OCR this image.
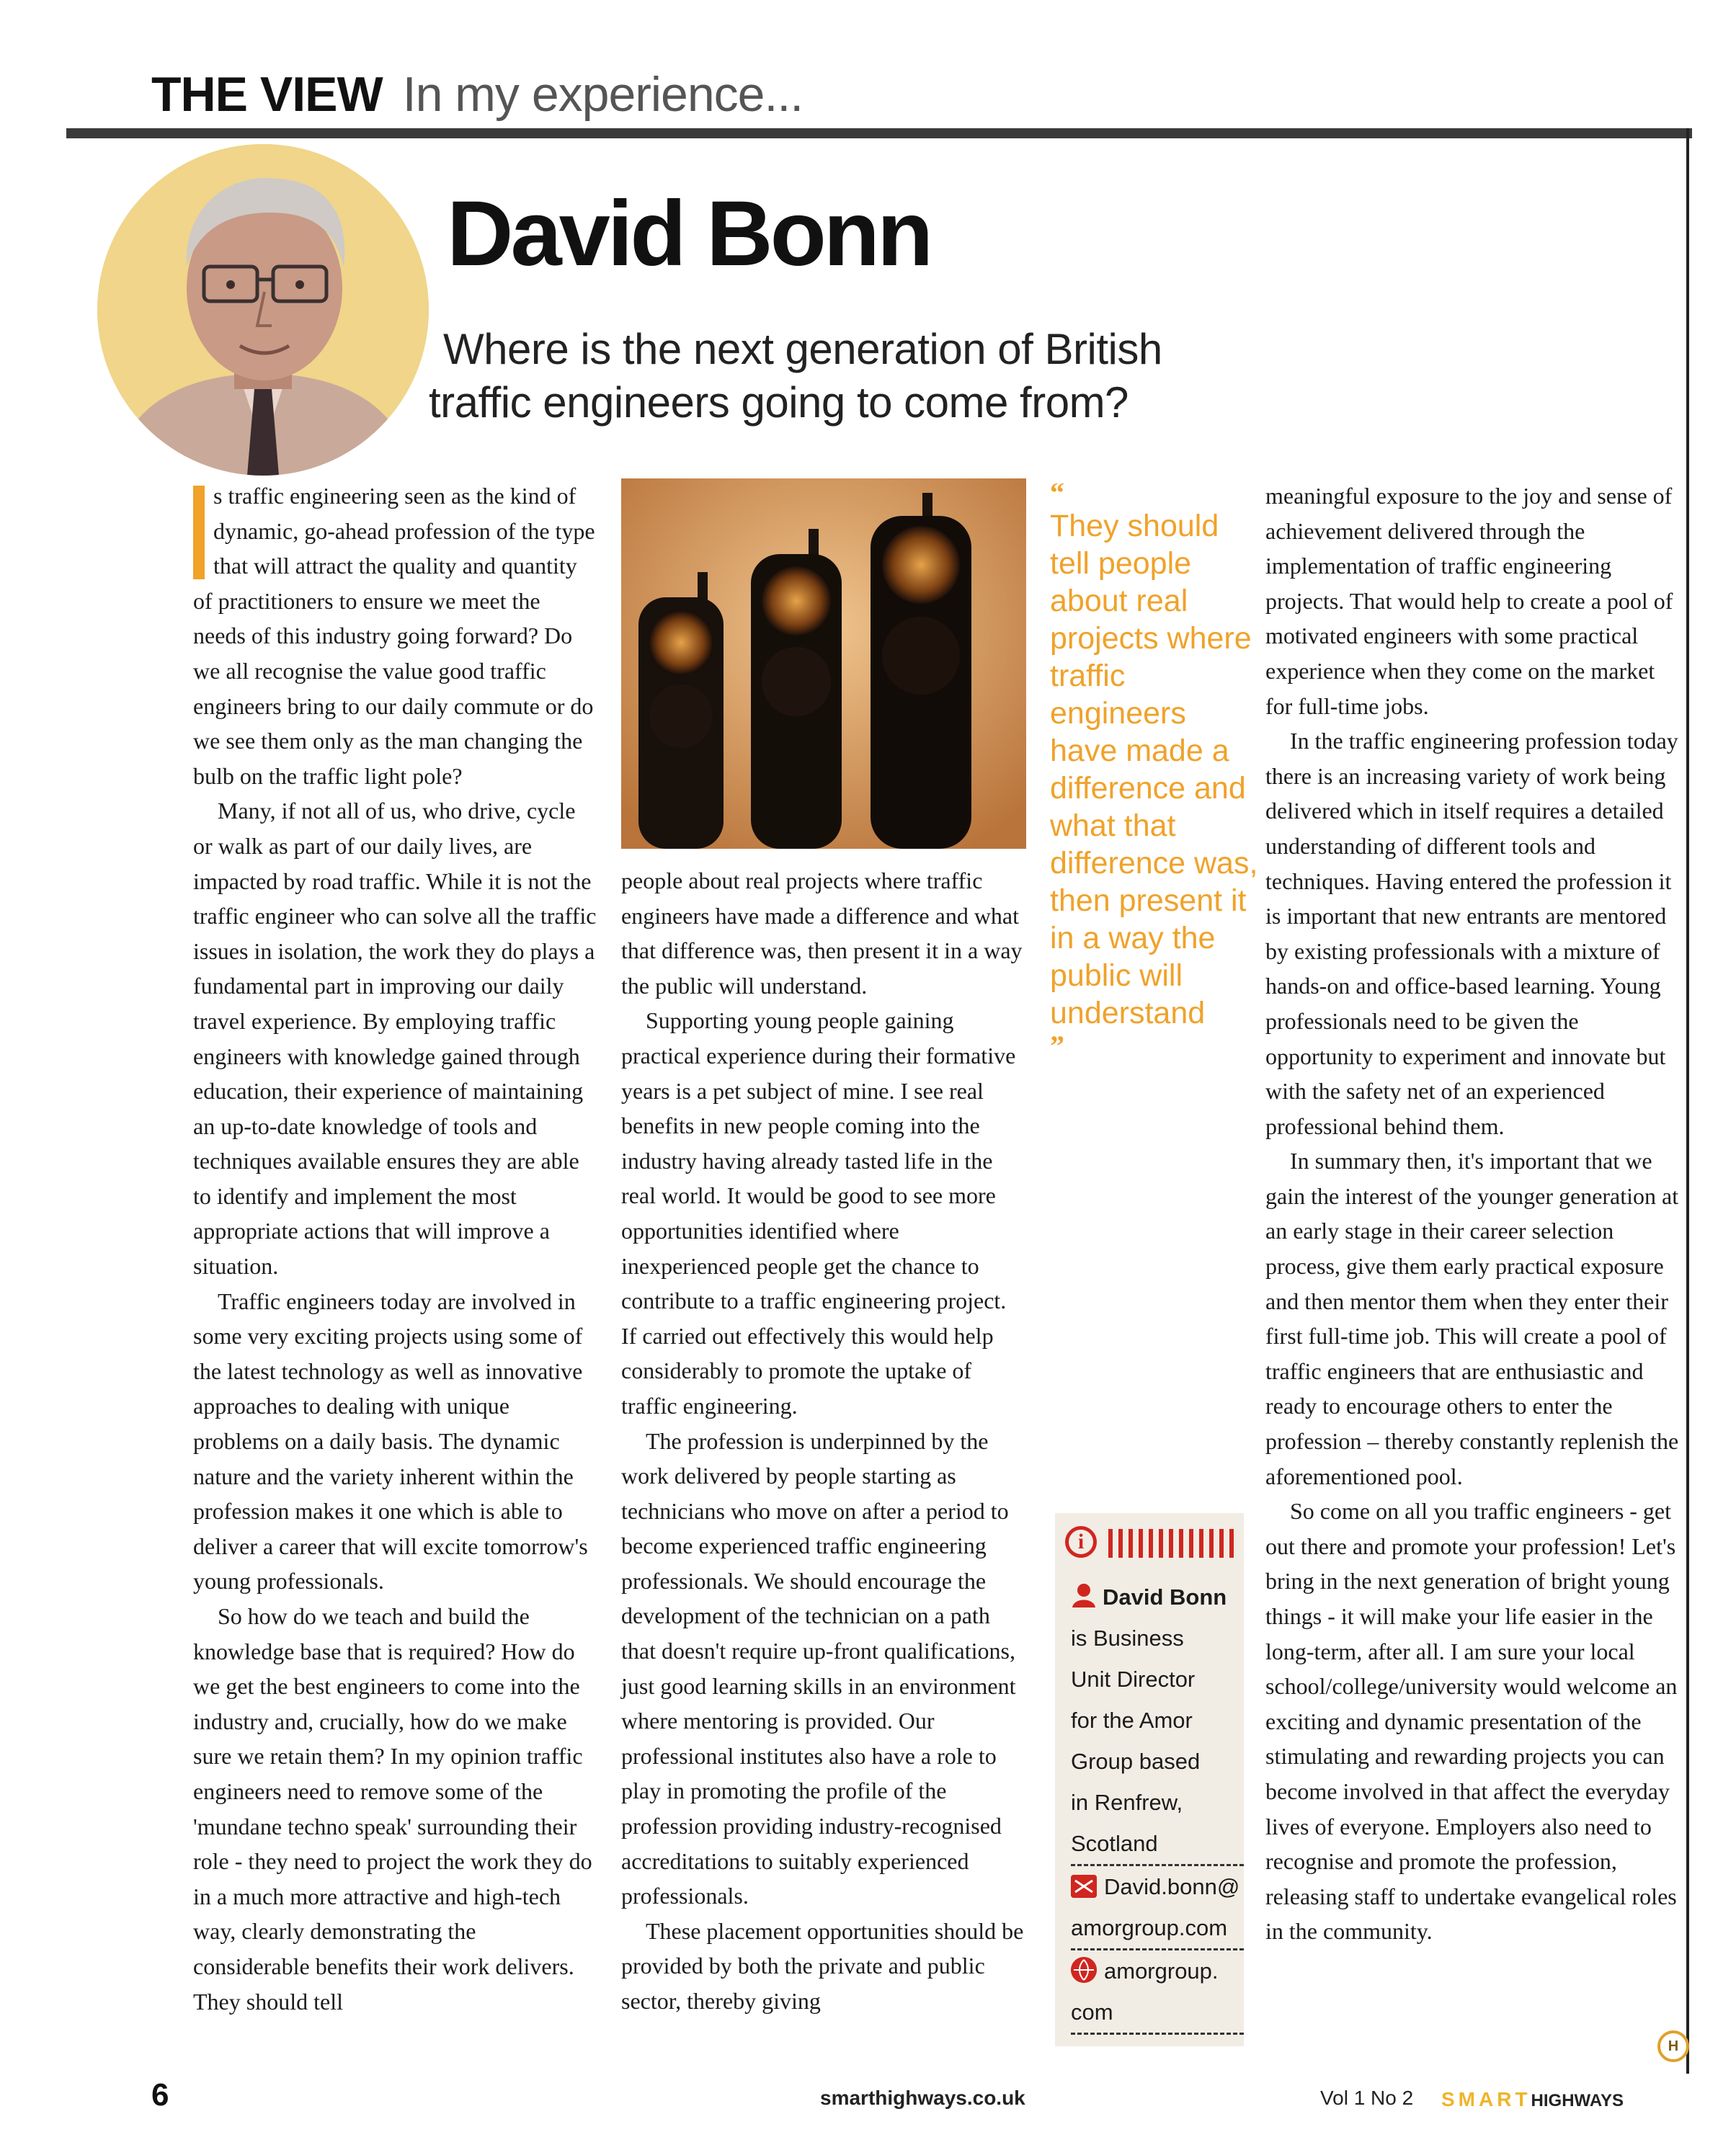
THE VIEW In my experience...
David Bonn
Where is the next generation of British
traffic engineers going to come from?

s traffic engineering seen as the kind of dynamic, go-ahead profession of the type that will attract the quality and quantity of practitioners to ensure we meet the needs of this industry going forward? Do we all recognise the value good traffic engineers bring to our daily commute or do we see them only as the man changing the bulb on the traffic light pole?

Many, if not all of us, who drive, cycle or walk as part of our daily lives, are impacted by road traffic. While it is not the traffic engineer who can solve all the traffic issues in isolation, the work they do plays a fundamental part in improving our daily travel experience. By employing traffic engineers with knowledge gained through education, their experience of maintaining an up-to-date knowledge of tools and techniques available ensures they are able to identify and implement the most appropriate actions that will improve a situation.

Traffic engineers today are involved in some very exciting projects using some of the latest technology as well as innovative approaches to dealing with unique problems on a daily basis. The dynamic nature and the variety inherent within the profession makes it one which is able to deliver a career that will excite tomorrow's young professionals.

So how do we teach and build the knowledge base that is required? How do we get the best engineers to come into the industry and, crucially, how do we make sure we retain them? In my opinion traffic engineers need to remove some of the 'mundane techno speak' surrounding their role - they need to project the work they do in a much more attractive and high-tech way, clearly demonstrating the considerable benefits their work delivers. They should tell

people about real projects where traffic engineers have made a difference and what that difference was, then present it in a way the public will understand.

Supporting young people gaining practical experience during their formative years is a pet subject of mine. I see real benefits in new people coming into the industry having already tasted life in the real world. It would be good to see more opportunities identified where inexperienced people get the chance to contribute to a traffic engineering project. If carried out effectively this would help considerably to promote the uptake of traffic engineering.

The profession is underpinned by the work delivered by people starting as technicians who move on after a period to become experienced traffic engineering professionals. We should encourage the development of the technician on a path that doesn't require up-front qualifications, just good learning skills in an environment where mentoring is provided. Our professional institutes also have a role to play in promoting the profile of the profession providing industry-recognised accreditations to suitably experienced professionals.

These placement opportunities should be provided by both the private and public sector, thereby giving

“
They should tell people about real projects where traffic engineers have made a difference and what that difference was, then present it in a way the public will understand
”
i
David Bonn
is Business
Unit Director
for the Amor
Group based
in Renfrew,
Scotland
David.bonn@
amorgroup.com
amorgroup.
com

meaningful exposure to the joy and sense of achievement delivered through the implementation of traffic engineering projects. That would help to create a pool of motivated engineers with some practical experience when they come on the market for full-time jobs.

In the traffic engineering profession today there is an increasing variety of work being delivered which in itself requires a detailed understanding of different tools and techniques. Having entered the profession it is important that new entrants are mentored by existing professionals with a mixture of hands-on and office-based learning. Young professionals need to be given the opportunity to experiment and innovate but with the safety net of an experienced professional behind them.

In summary then, it's important that we gain the interest of the younger generation at an early stage in their career selection process, give them early practical exposure and then mentor them when they enter their first full-time job. This will create a pool of traffic engineers that are enthusiastic and ready to encourage others to enter the profession – thereby constantly replenish the aforementioned pool.

So come on all you traffic engineers - get out there and promote your profession! Let's bring in the next generation of bright young things - it will make your life easier in the long-term, after all. I am sure your local school/college/university would welcome an exciting and dynamic presentation of the stimulating and rewarding projects you can become involved in that affect the everyday lives of everyone. Employers also need to recognise and promote the profession, releasing staff to undertake evangelical roles in the community.

H
6	smarthighways.co.uk	Vol 1 No 2	SMARTHIGHWAYS
